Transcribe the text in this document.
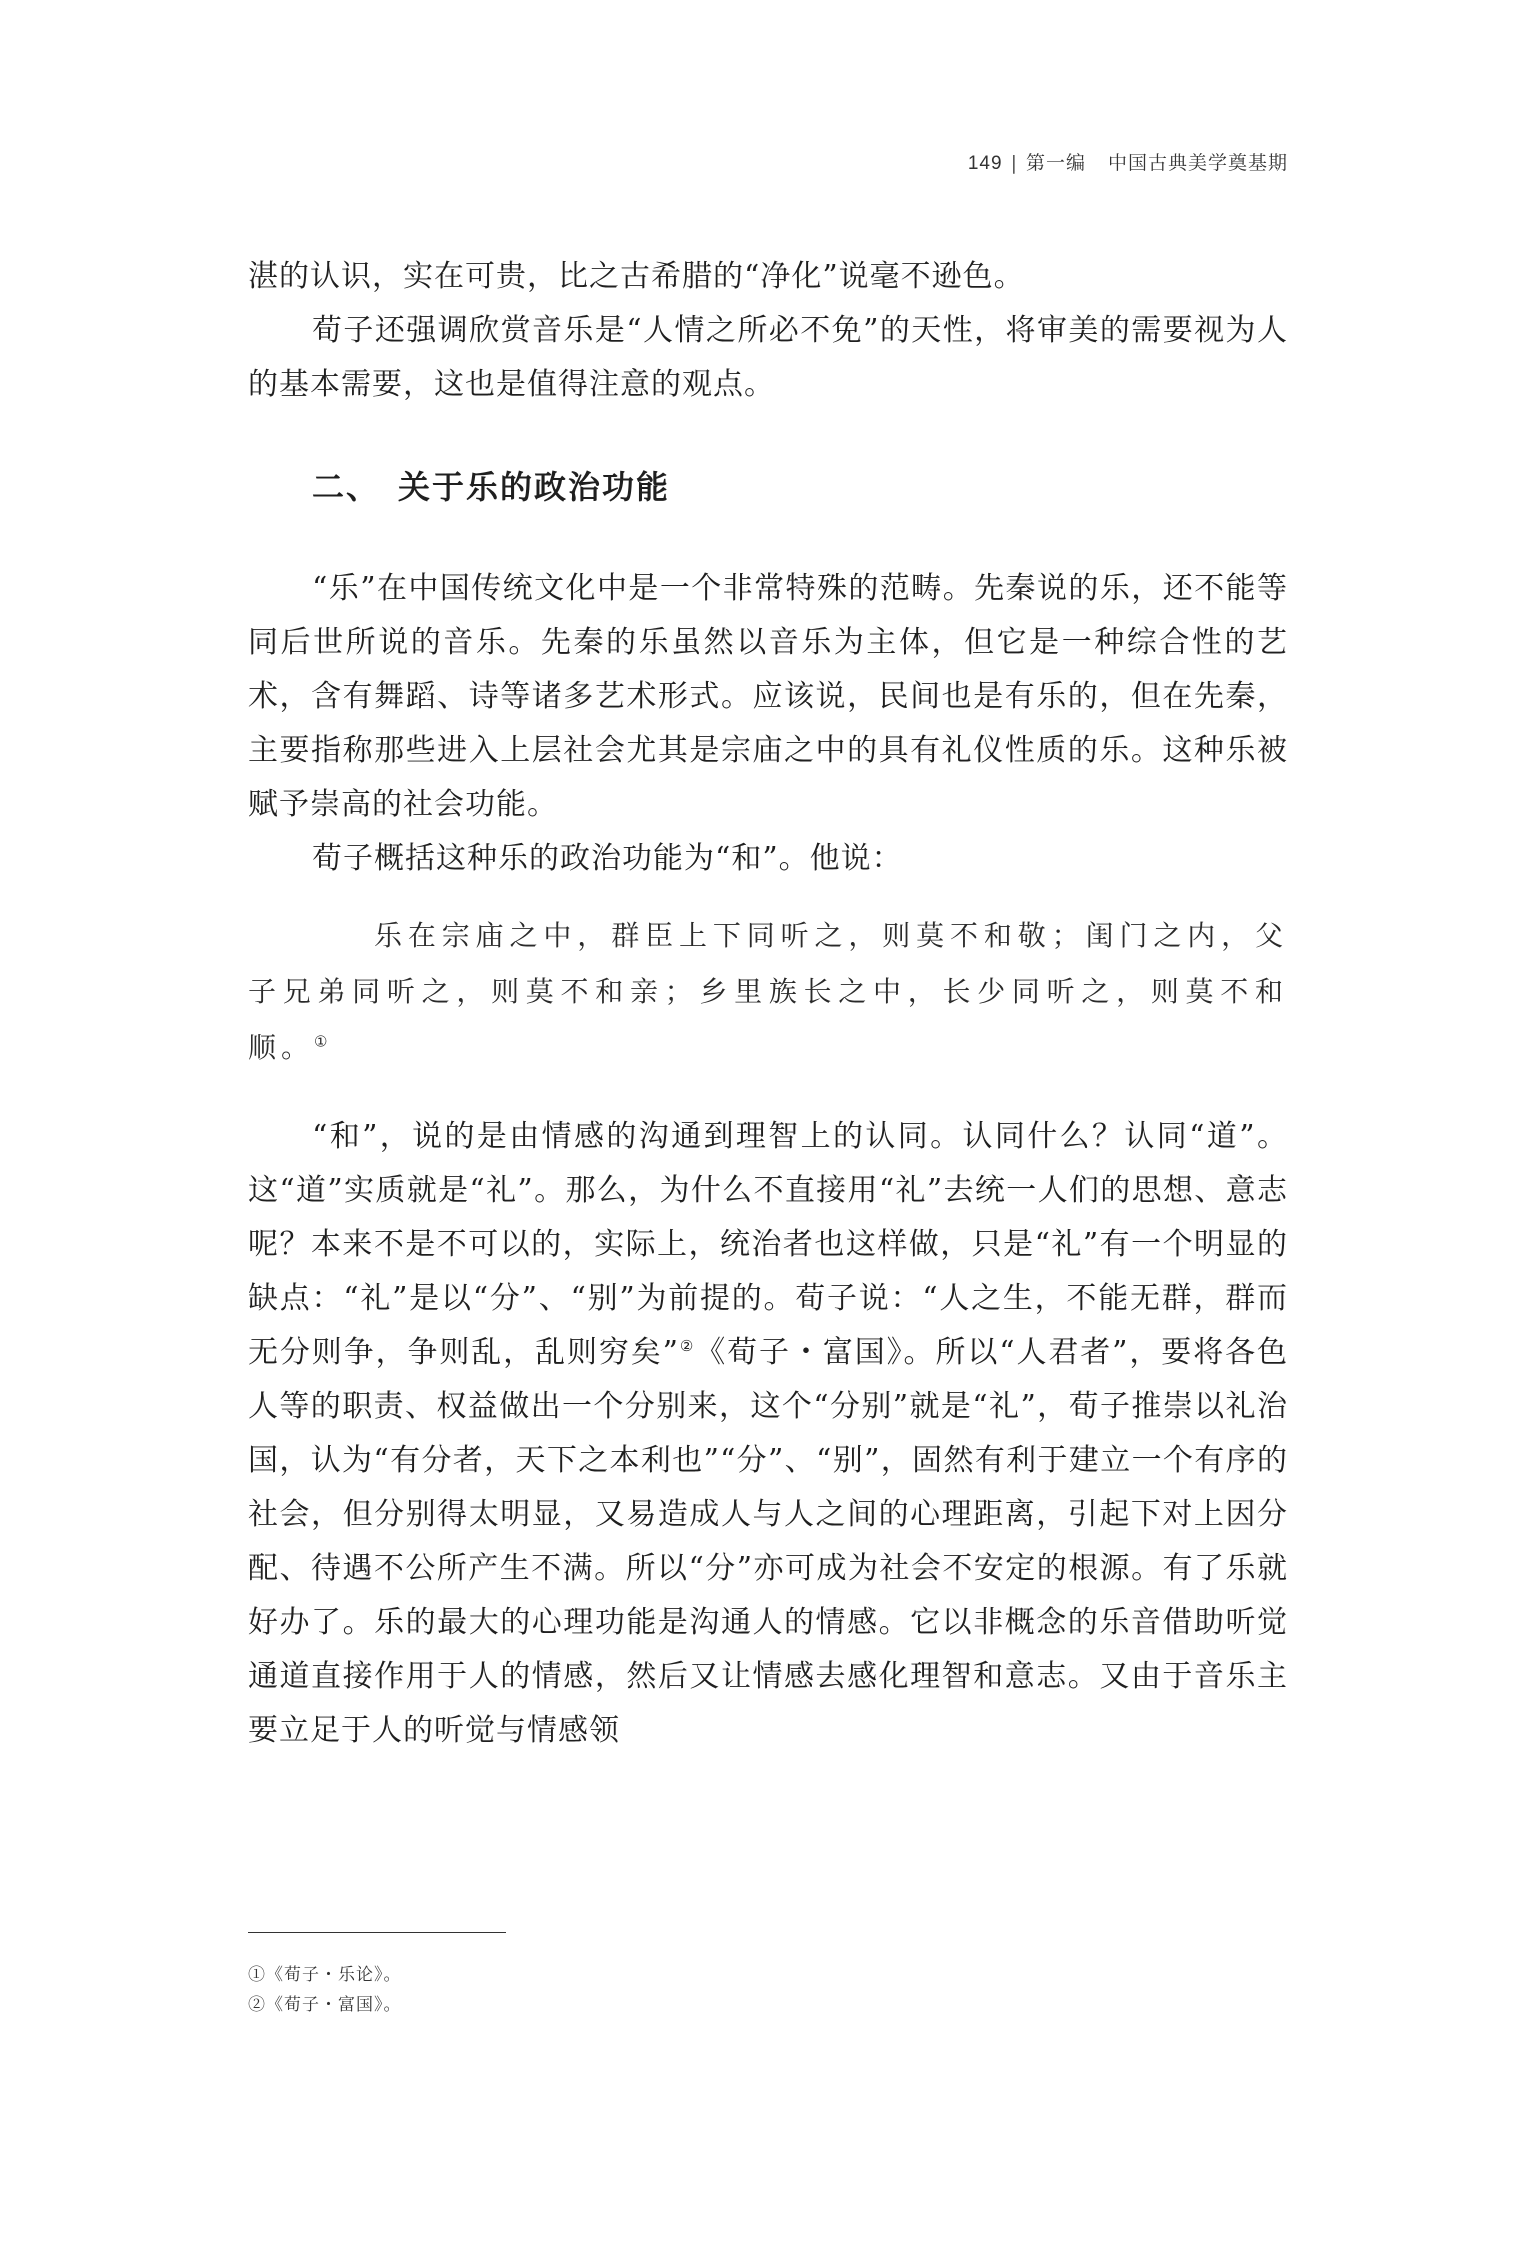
149 | 第一编 中国古典美学奠基期

湛的认识，实在可贵，比之古希腊的“净化”说毫不逊色。

荀子还强调欣赏音乐是“人情之所必不免”的天性，将审美的需要视为人的基本需要，这也是值得注意的观点。

二、 关于乐的政治功能

“乐”在中国传统文化中是一个非常特殊的范畴。先秦说的乐，还不能等同后世所说的音乐。先秦的乐虽然以音乐为主体，但它是一种综合性的艺术，含有舞蹈、诗等诸多艺术形式。应该说，民间也是有乐的，但在先秦，主要指称那些进入上层社会尤其是宗庙之中的具有礼仪性质的乐。这种乐被赋予崇高的社会功能。

荀子概括这种乐的政治功能为“和”。他说：

乐在宗庙之中，群臣上下同听之，则莫不和敬；闺门之内，父子兄弟同听之，则莫不和亲；乡里族长之中，长少同听之，则莫不和顺。①

“和”，说的是由情感的沟通到理智上的认同。认同什么？认同“道”。这“道”实质就是“礼”。那么，为什么不直接用“礼”去统一人们的思想、意志呢？本来不是不可以的，实际上，统治者也这样做，只是“礼”有一个明显的缺点：“礼”是以“分”、“别”为前提的。荀子说：“人之生，不能无群，群而无分则争，争则乱，乱则穷矣”②《荀子・富国》。所以“人君者”，要将各色人等的职责、权益做出一个分别来，这个“分别”就是“礼”，荀子推崇以礼治国，认为“有分者，天下之本利也”“分”、“别”，固然有利于建立一个有序的社会，但分别得太明显，又易造成人与人之间的心理距离，引起下对上因分配、待遇不公所产生不满。所以“分”亦可成为社会不安定的根源。有了乐就好办了。乐的最大的心理功能是沟通人的情感。它以非概念的乐音借助听觉通道直接作用于人的情感，然后又让情感去感化理智和意志。又由于音乐主要立足于人的听觉与情感领

①《荀子・乐论》。
②《荀子・富国》。
